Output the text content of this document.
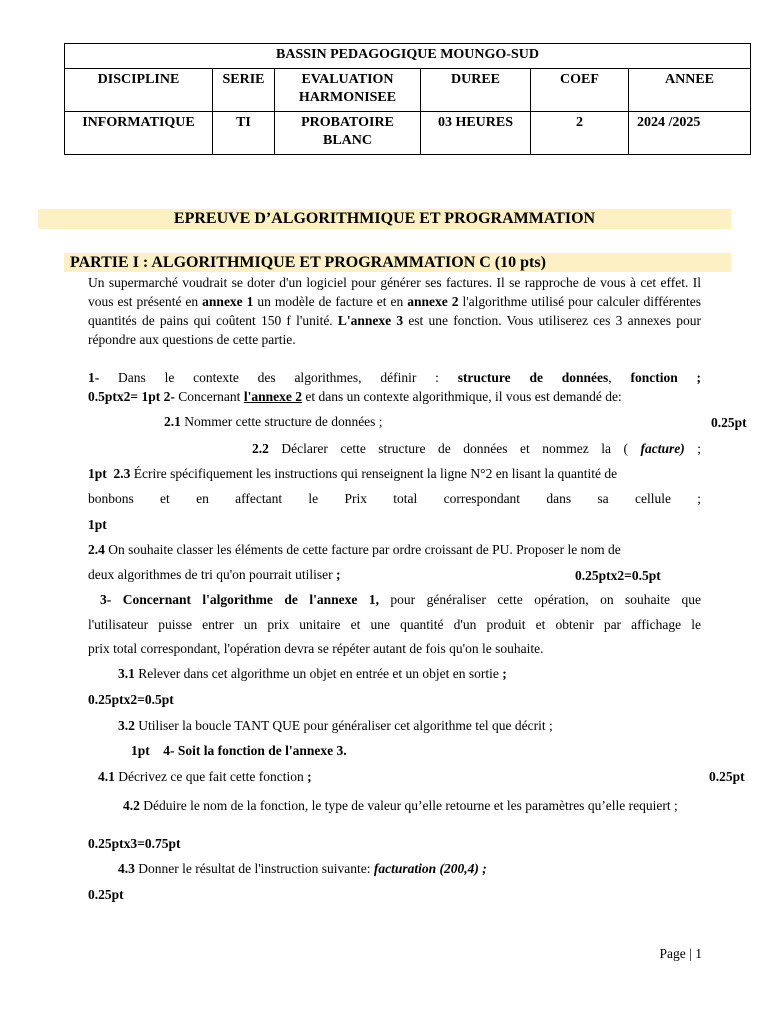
BASSIN PEDAGOGIQUE MOUNGO-SUD					
DISCIPLINE	SERIE	EVALUATION HARMONISEE	DUREE	COEF	ANNEE
INFORMATIQUE	TI	PROBATOIRE BLANC	03 HEURES	2	2024 /2025
EPREUVE D’ALGORITHMIQUE ET PROGRAMMATION
PARTIE I : ALGORITHMIQUE ET PROGRAMMATION C (10 pts)
Un supermarché voudrait se doter d'un logiciel pour générer ses factures. Il se rapproche de vous à cet effet. Il vous est présenté en annexe 1 un modèle de facture et en annexe 2 l'algorithme utilisé pour calculer différentes quantités de pains qui coûtent 150 f l'unité. L'annexe 3 est une fonction. Vous utiliserez ces 3 annexes pour répondre aux questions de cette partie.
1- Dans le contexte des algorithmes, définir : structure de données, fonction ;
0.5ptx2= 1pt 2- Concernant l'annexe 2 et dans un contexte algorithmique, il vous est demandé de:
2.1 Nommer cette structure de données ;	0.25pt
2.2 Déclarer cette structure de données et nommez la ( facture) ;
1pt 2.3 Écrire spécifiquement les instructions qui renseignent la ligne N°2 en lisant la quantité de
bonbons et en affectant le Prix total correspondant dans sa cellule ;
1pt
2.4 On souhaite classer les éléments de cette facture par ordre croissant de PU. Proposer le nom de
deux algorithmes de tri qu'on pourrait utiliser ;	0.25ptx2=0.5pt
3- Concernant l'algorithme de l'annexe 1, pour généraliser cette opération, on souhaite que
l'utilisateur puisse entrer un prix unitaire et une quantité d'un produit et obtenir par affichage le
prix total correspondant, l'opération devra se répéter autant de fois qu'on le souhaite.
3.1 Relever dans cet algorithme un objet en entrée et un objet en sortie ;
0.25ptx2=0.5pt
3.2 Utiliser la boucle TANT QUE pour généraliser cet algorithme tel que décrit ;
1pt 4- Soit la fonction de l'annexe 3.
4.1 Décrivez ce que fait cette fonction ;	0.25pt
4.2 Déduire le nom de la fonction, le type de valeur qu’elle retourne et les paramètres qu’elle requiert ;
0.25ptx3=0.75pt
4.3 Donner le résultat de l'instruction suivante: facturation (200,4) ;
0.25pt
Page | 1
